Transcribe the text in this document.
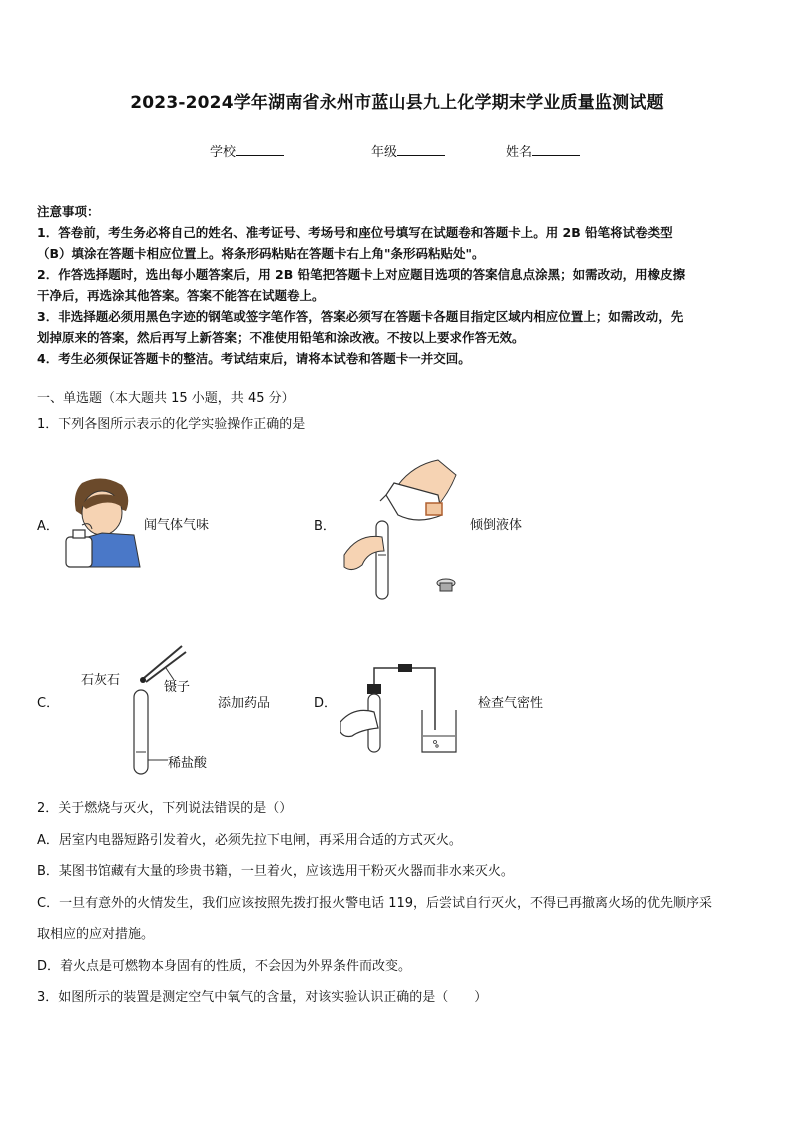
2023-2024学年湖南省永州市蓝山县九上化学期末学业质量监测试题
学校	年级	姓名

注意事项：

1．答卷前，考生务必将自己的姓名、准考证号、考场号和座位号填写在试题卷和答题卡上。用 2B 铅笔将试卷类型

（B）填涂在答题卡相应位置上。将条形码粘贴在答题卡右上角"条形码粘贴处"。

2．作答选择题时，选出每小题答案后，用 2B 铅笔把答题卡上对应题目选项的答案信息点涂黑；如需改动，用橡皮擦

干净后，再选涂其他答案。答案不能答在试题卷上。

3．非选择题必须用黑色字迹的钢笔或签字笔作答，答案必须写在答题卡各题目指定区域内相应位置上；如需改动，先

划掉原来的答案，然后再写上新答案；不准使用铅笔和涂改液。不按以上要求作答无效。

4．考生必须保证答题卡的整洁。考试结束后，请将本试卷和答题卡一并交回。

一、单选题（本大题共 15 小题，共 45 分）
1．下列各图所示表示的化学实验操作正确的是
A．	闻气体气味	B．	倾倒液体
C．
石灰石	镊子
稀盐酸
添加药品	D．	检查气密性
2．关于燃烧与灭火，下列说法错误的是（）
A．居室内电器短路引发着火，必须先拉下电闸，再采用合适的方式灭火。
B．某图书馆藏有大量的珍贵书籍，一旦着火，应该选用干粉灭火器而非水来灭火。
C．一旦有意外的火情发生，我们应该按照先拨打报火警电话 119，后尝试自行灭火，不得已再撤离火场的优先顺序采
取相应的应对措施。
D．着火点是可燃物本身固有的性质，不会因为外界条件而改变。
3．如图所示的装置是测定空气中氧气的含量，对该实验认识正确的是（　　）
